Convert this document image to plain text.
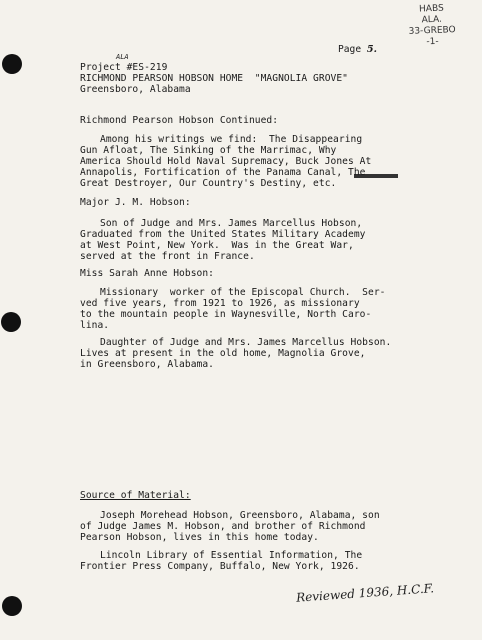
HABS
ALA.
33-GREBO
-1-
Page 5.
ALA
Project #ES-219
RICHMOND PEARSON HOBSON HOME  "MAGNOLIA GROVE"
Greensboro, Alabama
Richmond Pearson Hobson Continued:
Among his writings we find:  The Disappearing
Gun Afloat, The Sinking of the Marrimac, Why
America Should Hold Naval Supremacy, Buck Jones At
Annapolis, Fortification of the Panama Canal, The
Great Destroyer, Our Country's Destiny, etc.
Major J. M. Hobson:
Son of Judge and Mrs. James Marcellus Hobson,
Graduated from the United States Military Academy
at West Point, New York.  Was in the Great War,
served at the front in France.
Miss Sarah Anne Hobson:
Missionary  worker of the Episcopal Church.  Ser-
ved five years, from 1921 to 1926, as missionary
to the mountain people in Waynesville, North Caro-
lina.
Daughter of Judge and Mrs. James Marcellus Hobson.
Lives at present in the old home, Magnolia Grove,
in Greensboro, Alabama.
Source of Material:
Joseph Morehead Hobson, Greensboro, Alabama, son
of Judge James M. Hobson, and brother of Richmond
Pearson Hobson, lives in this home today.
Lincoln Library of Essential Information, The
Frontier Press Company, Buffalo, New York, 1926.
Reviewed 1936, H.C.F.
